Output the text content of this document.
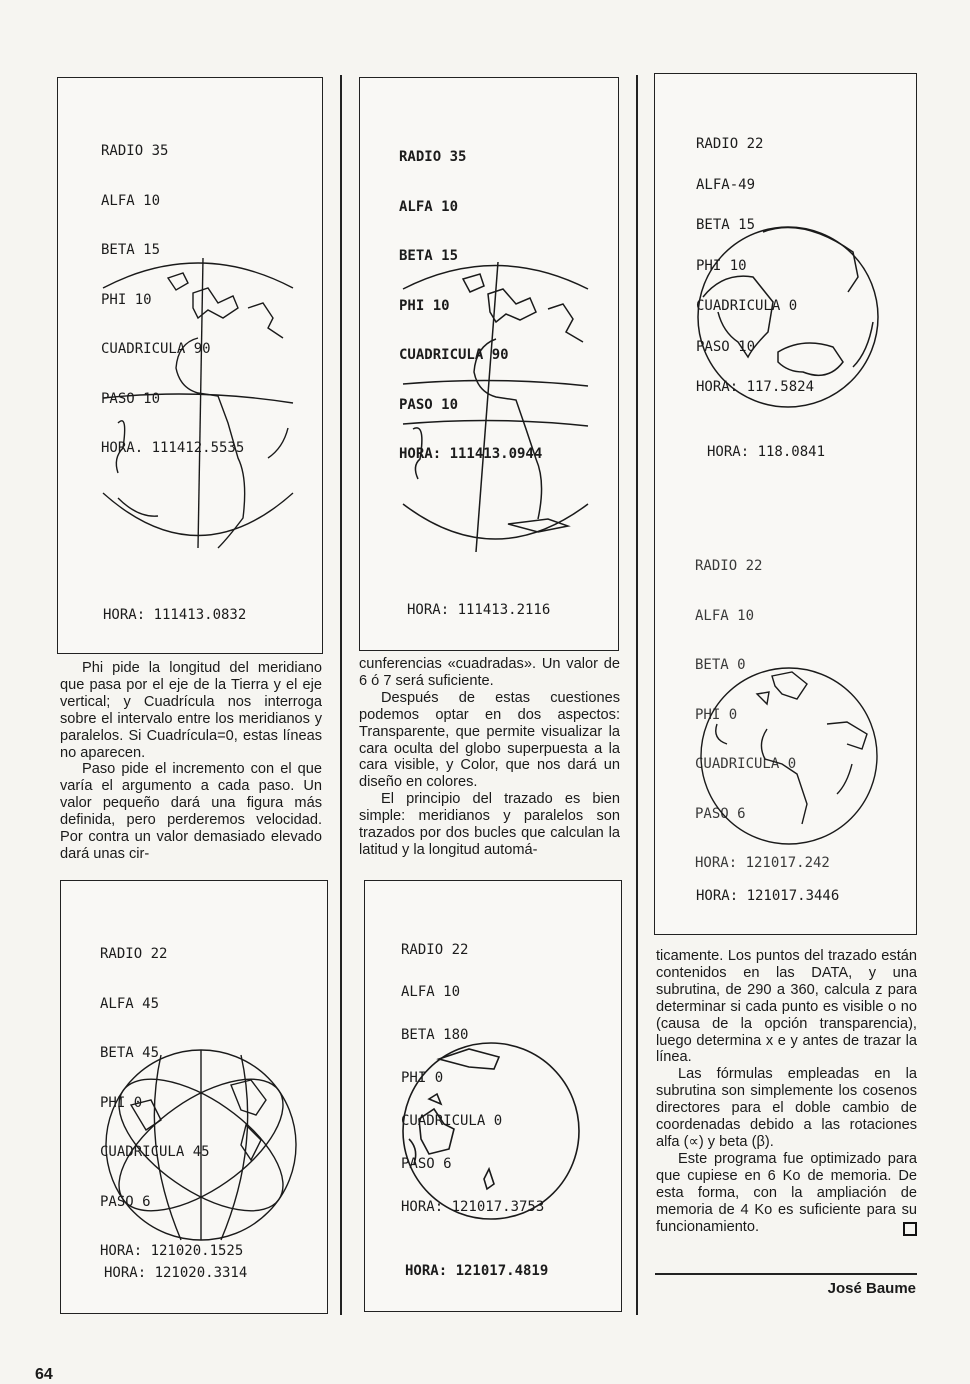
RADIO 35

ALFA 10

BETA 15

PHI 10

CUADRICULA 90

PASO 10

HORA. 111412.5535

HORA: 111413.0832

RADIO 35

ALFA 10

BETA 15

PHI 10

CUADRICULA 90

PASO 10

HORA: 111413.0944

HORA: 111413.2116

RADIO 22

ALFA-49

BETA 15

PHI 10

CUADRICULA 0

PASO 10

HORA: 117.5824

HORA: 118.0841

RADIO 22

ALFA 10

BETA 0

PHI 0

CUADRICULA 0

PASO 6

HORA: 121017.242

HORA: 121017.3446

RADIO 22

ALFA 45

BETA 45

PHI 0

CUADRICULA 45

PASO 6

HORA: 121020.1525

HORA: 121020.3314

RADIO 22

ALFA 10

BETA 180

PHI 0

CUADRICULA 0

PASO 6

HORA: 121017.3753

HORA: 121017.4819

Phi pide la longitud del meridiano que pasa por el eje de la Tierra y el eje vertical; y Cuadrícula nos interroga sobre el intervalo entre los meridianos y paralelos. Si Cuadrícula=0, estas líneas no aparecen.

Paso pide el incremento con el que varía el argumento a cada paso. Un valor pequeño dará una figura más definida, pero perderemos velocidad. Por contra un valor demasiado elevado dará unas cir-

cunferencias «cuadradas». Un valor de 6 ó 7 será suficiente.

Después de estas cuestiones podemos optar en dos aspectos: Transparente, que permite visualizar la cara oculta del globo superpuesta a la cara visible, y Color, que nos dará un diseño en colores.

El principio del trazado es bien simple: meridianos y paralelos son trazados por dos bucles que calculan la latitud y la longitud automá-

ticamente. Los puntos del trazado están contenidos en las DATA, y una subrutina, de 290 a 360, calcula z para determinar si cada punto es visible o no (causa de la opción transparencia), luego determina x e y antes de trazar la línea.

Las fórmulas empleadas en la subrutina son simplemente los cosenos directores para el doble cambio de coordenadas debido a las rotaciones alfa (∝) y beta (β).

Este programa fue optimizado para que cupiese en 6 Ko de memoria. De esta forma, con la ampliación de memoria de 4 Ko es suficiente para su funcionamiento.

José Baume
64
